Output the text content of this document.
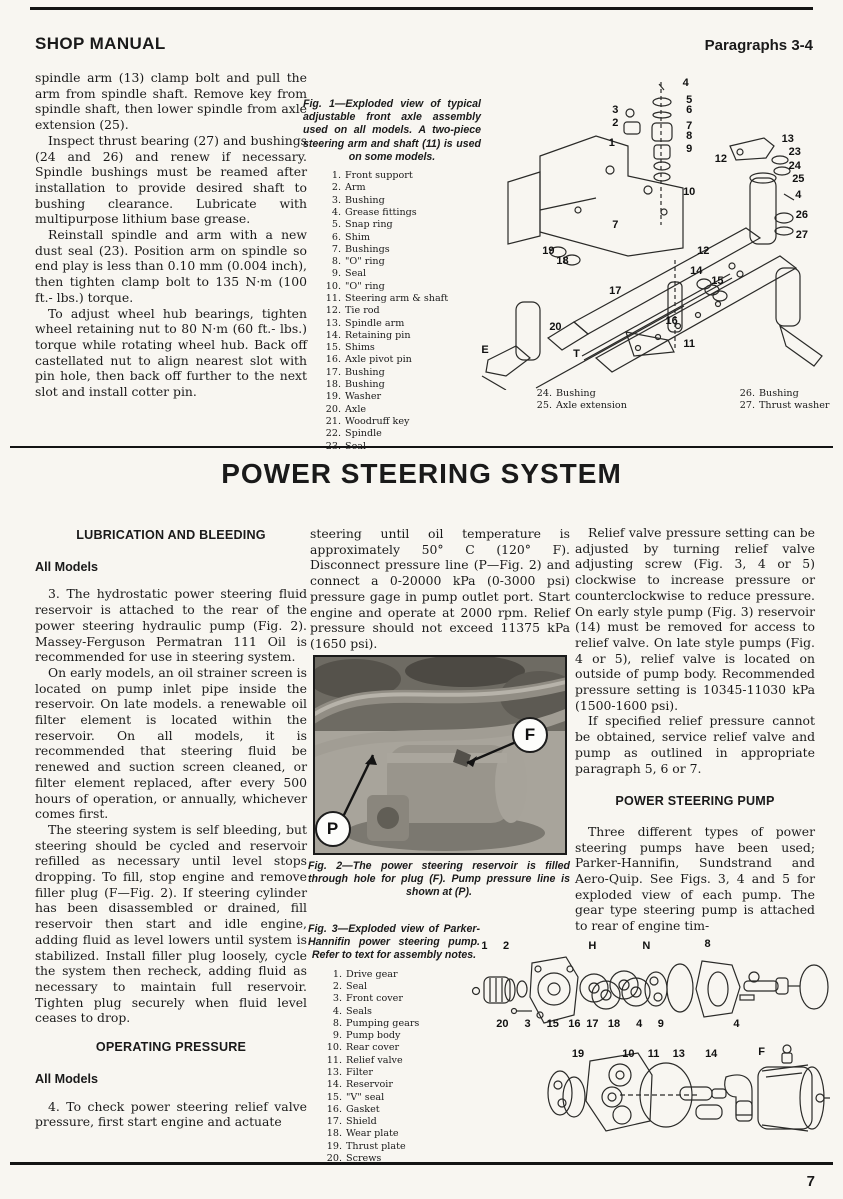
SHOP MANUAL	Paragraphs 3-4
spindle arm (13) clamp bolt and pull the arm from spindle shaft. Remove key from spindle shaft, then lower spindle from axle extension (25).
Inspect thrust bearing (27) and bushings (24 and 26) and renew if necessary. Spindle bushings must be reamed after installation to provide desired shaft to bushing clearance. Lubricate with multipurpose lithium base grease.
Reinstall spindle and arm with a new dust seal (23). Position arm on spindle so end play is less than 0.10 mm (0.004 inch), then tighten clamp bolt to 135 N·m (100 ft.- lbs.) torque.
To adjust wheel hub bearings, tighten wheel retaining nut to 80 N·m (60 ft.- lbs.) torque while rotating wheel hub. Back off castellated nut to align nearest slot with pin hole, then back off further to the next slot and install cotter pin.
Fig. 1—Exploded view of typical adjustable front axle assembly used on all models. A two-piece steering arm and shaft (11) is used on some models.
1. Front support
2. Arm
3. Bushing
4. Grease fittings
5. Snap ring
6. Shim
7. Bushings
8. "O" ring
9. Seal
10. "O" ring
11. Steering arm & shaft
12. Tie rod
13. Spindle arm
14. Retaining pin
15. Shims
16. Axle pivot pin
17. Bushing
18. Bushing
19. Washer
20. Axle
21. Woodruff key
22. Spindle
23. Seal
4
5
6
3
2	7
8
1
9
13
23
24
12
25
10	4
26
7
27
19
18
12
14
15
17
20
16
11
E	T
24. Bushing
25. Axle extension
26. Bushing
27. Thrust washer
POWER STEERING SYSTEM
LUBRICATION AND BLEEDING
All Models

3. The hydrostatic power steering fluid reservoir is attached to the rear of the power steering hydraulic pump (Fig. 2). Massey-Ferguson Permatran 111 Oil is recommended for use in steering system.

On early models, an oil strainer screen is located on pump inlet pipe inside the reservoir. On late models. a renewable oil filter element is located within the reservoir. On all models, it is recommended that steering fluid be renewed and suction screen cleaned, or filter element replaced, after every 500 hours of operation, or annually, whichever comes first.

The steering system is self bleeding, but steering should be cycled and reservoir refilled as necessary until level stops dropping. To fill, stop engine and remove filler plug (F—Fig. 2). If steering cylinder has been disassembled or drained, fill reservoir then start and idle engine, adding fluid as level lowers until system is stabilized. Install filler plug loosely, cycle the system then recheck, adding fluid as necessary to maintain full reservoir. Tighten plug securely when fluid level ceases to drop.

OPERATING PRESSURE
All Models

4. To check power steering relief valve pressure, first start engine and actuate

steering until oil temperature is approximately 50° C (120° F). Disconnect pressure line (P—Fig. 2) and connect a 0-20000 kPa (0-3000 psi) pressure gage in pump outlet port. Start engine and operate at 2000 rpm. Relief pressure should not exceed 11375 kPa (1650 psi).

P
F
Fig. 2—The power steering reservoir is filled through hole for plug (F). Pump pressure line is shown at (P).
Fig. 3—Exploded view of Parker-Hannifin power steering pump. Refer to text for assembly notes.
1. Drive gear
2. Seal
3. Front cover
4. Seals
8. Pumping gears
9. Pump body
10. Rear cover
11. Relief valve
13. Filter
14. Reservoir
15. "V" seal
16. Gasket
17. Shield
18. Wear plate
19. Thrust plate
20. Screws

Relief valve pressure setting can be adjusted by turning relief valve adjusting screw (Fig. 3, 4 or 5) clockwise to increase pressure or counterclockwise to reduce pressure. On early style pump (Fig. 3) reservoir (14) must be removed for access to relief valve. On late style pumps (Fig. 4 or 5), relief valve is located on outside of pump body. Recommended pressure setting is 10345-11030 kPa (1500-1600 psi).

If specified relief pressure cannot be obtained, service relief valve and pump as outlined in appropriate paragraph 5, 6 or 7.

POWER STEERING PUMP

Three different types of power steering pumps have been used; Parker-Hannifin, Sundstrand and Aero-Quip. See Figs. 3, 4 and 5 for exploded view of each pump. The gear type steering pump is attached to rear of engine tim-

1 2	H	N	8
20 3 15 16 17 18 4 9	4
19	10 11 13 14	F
7
